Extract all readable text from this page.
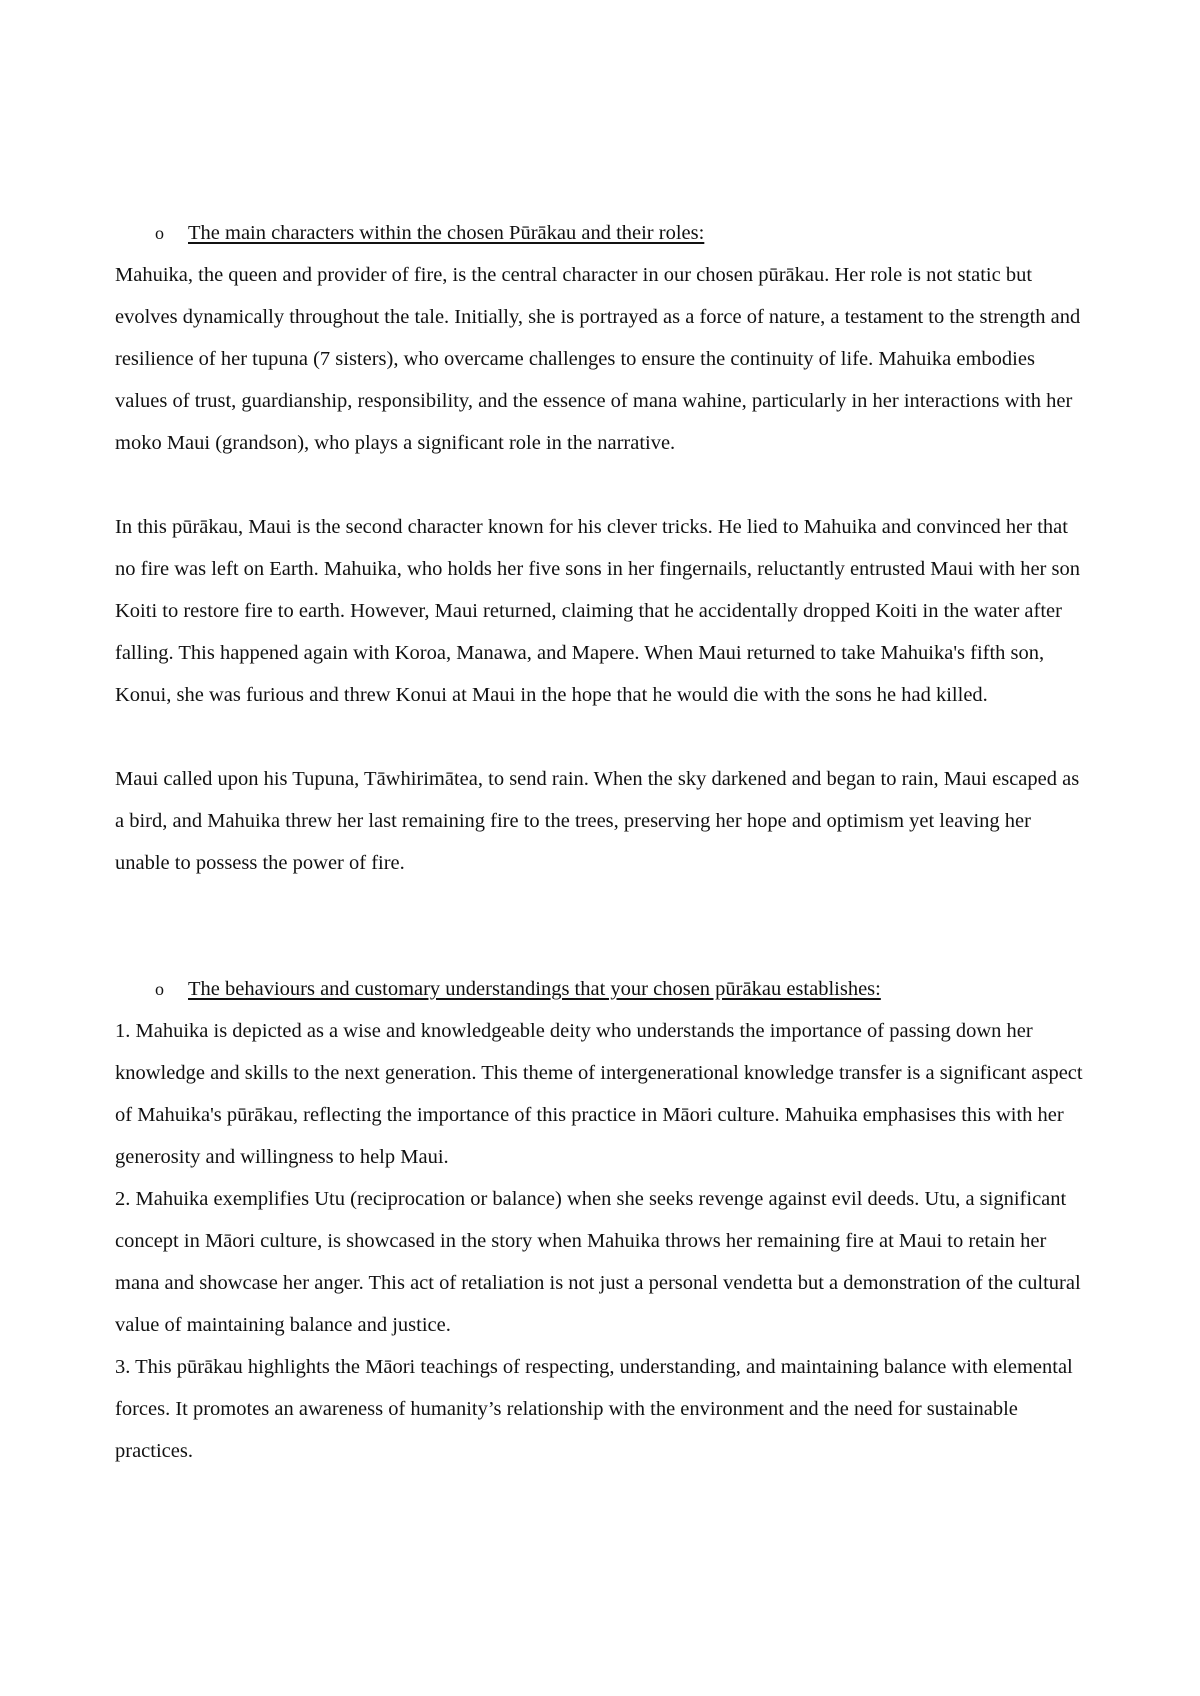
o The main characters within the chosen Pūrākau and their roles:

Mahuika, the queen and provider of fire, is the central character in our chosen pūrākau. Her role is not static but evolves dynamically throughout the tale. Initially, she is portrayed as a force of nature, a testament to the strength and resilience of her tupuna (7 sisters), who overcame challenges to ensure the continuity of life. Mahuika embodies values of trust, guardianship, responsibility, and the essence of mana wahine, particularly in her interactions with her moko Maui (grandson), who plays a significant role in the narrative.

In this pūrākau, Maui is the second character known for his clever tricks. He lied to Mahuika and convinced her that no fire was left on Earth. Mahuika, who holds her five sons in her fingernails, reluctantly entrusted Maui with her son Koiti to restore fire to earth. However, Maui returned, claiming that he accidentally dropped Koiti in the water after falling. This happened again with Koroa, Manawa, and Mapere. When Maui returned to take Mahuika's fifth son, Konui, she was furious and threw Konui at Maui in the hope that he would die with the sons he had killed.

Maui called upon his Tupuna, Tāwhirimātea, to send rain. When the sky darkened and began to rain, Maui escaped as a bird, and Mahuika threw her last remaining fire to the trees, preserving her hope and optimism yet leaving her unable to possess the power of fire.

o The behaviours and customary understandings that your chosen pūrākau establishes:

1. Mahuika is depicted as a wise and knowledgeable deity who understands the importance of passing down her knowledge and skills to the next generation. This theme of intergenerational knowledge transfer is a significant aspect of Mahuika's pūrākau, reflecting the importance of this practice in Māori culture. Mahuika emphasises this with her generosity and willingness to help Maui.

2. Mahuika exemplifies Utu (reciprocation or balance) when she seeks revenge against evil deeds. Utu, a significant concept in Māori culture, is showcased in the story when Mahuika throws her remaining fire at Maui to retain her mana and showcase her anger. This act of retaliation is not just a personal vendetta but a demonstration of the cultural value of maintaining balance and justice.

3. This pūrākau highlights the Māori teachings of respecting, understanding, and maintaining balance with elemental forces. It promotes an awareness of humanity’s relationship with the environment and the need for sustainable practices.
